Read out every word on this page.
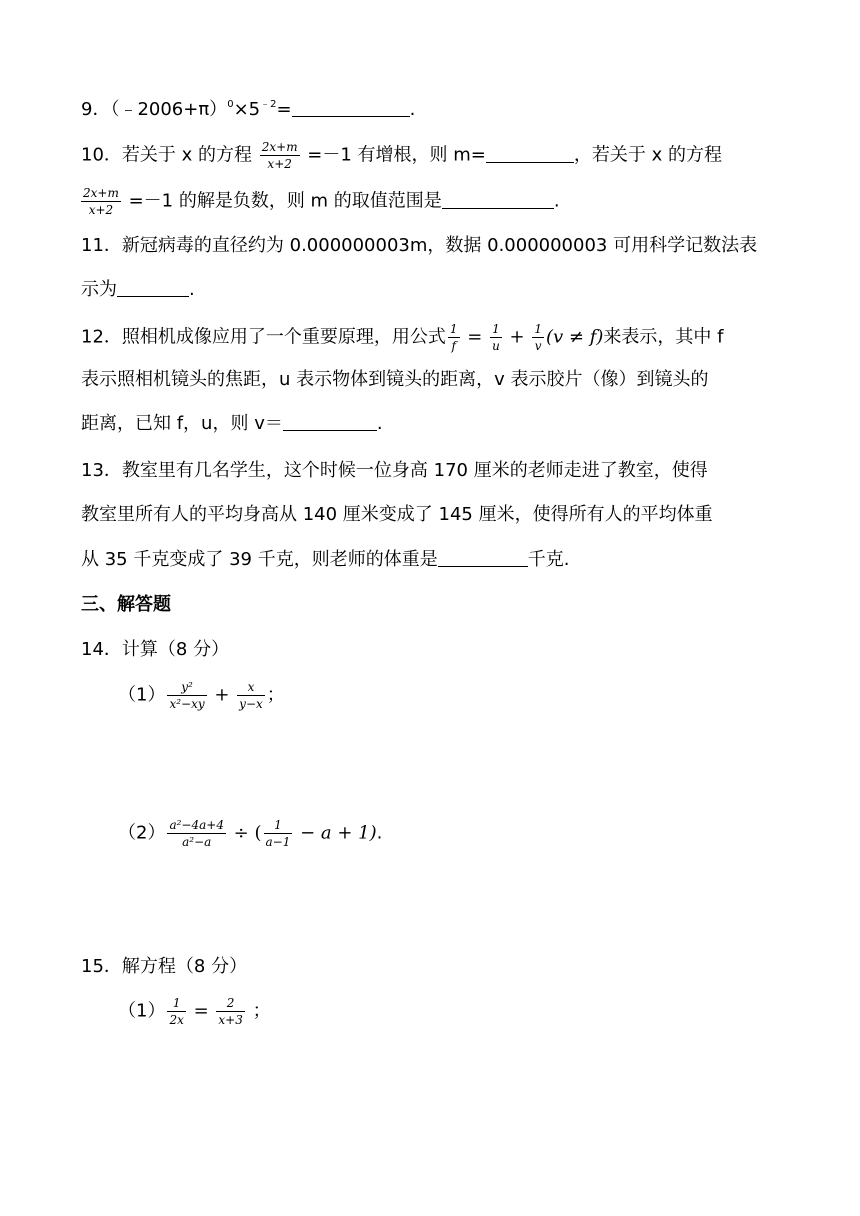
9．$(﹣2006+\pi)^0\times 5^{﹣2}=$	.
10．若关于 x 的方程 $\frac{2x+m}{x+2} =-1$ 有增根，则 m=	，若关于 x 的方程
$\frac{2x+m}{x+2} =-1$ 的解是负数，则 m 的取值范围是	.
11．新冠病毒的直径约为 0.000000003m，数据 0.000000003 可用科学记数法表
示为	.
12．照相机成像应用了一个重要原理，用公式 $\frac{1}{f} = \frac{1}{u} + \frac{1}{v} (v \ne f)$来表示，其中 f
表示照相机镜头的焦距，u 表示物体到镜头的距离，v 表示胶片（像）到镜头的
距离，已知 f，u，则 v＝	.
13．教室里有几名学生，这个时候一位身高 170 厘米的老师走进了教室，使得
教室里所有人的平均身高从 140 厘米变成了 145 厘米，使得所有人的平均体重
从 35 千克变成了 39 千克，则老师的体重是	千克.
三、解答题
14．计算（8 分）
$(1) \frac{\text{y²}}{\text{x²−xy}} + \frac{x}{y-x}$ ；
$(2) \frac{\text{a²−4a+4}}{\text{a²−a}}$ ÷ ( $\frac{1}{a-1} - a + 1$).
15．解方程（8 分）
$(1) \frac{1}{2x} = \frac{2}{x+3}$ ；
